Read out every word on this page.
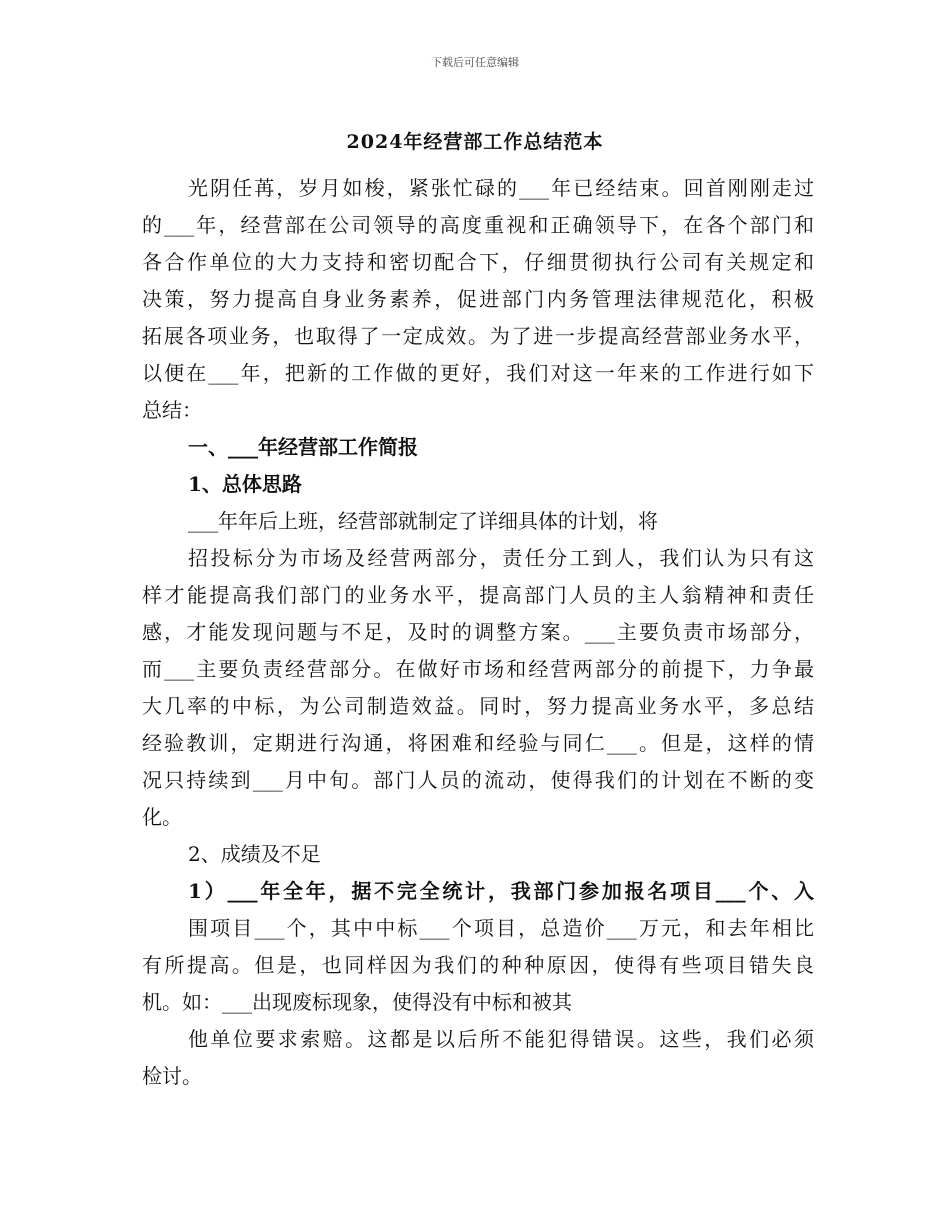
下载后可任意编辑
2024年经营部工作总结范本
光阴任苒，岁月如梭，紧张忙碌的___年已经结束。回首刚刚走过
的___年，经营部在公司领导的高度重视和正确领导下，在各个部门和
各合作单位的大力支持和密切配合下，仔细贯彻执行公司有关规定和
决策，努力提高自身业务素养，促进部门内务管理法律规范化，积极
拓展各项业务，也取得了一定成效。为了进一步提高经营部业务水平，
以便在___年，把新的工作做的更好，我们对这一年来的工作进行如下
总结：
一、___年经营部工作简报
1、总体思路
___年年后上班，经营部就制定了详细具体的计划，将
招投标分为市场及经营两部分，责任分工到人，我们认为只有这
样才能提高我们部门的业务水平，提高部门人员的主人翁精神和责任
感，才能发现问题与不足，及时的调整方案。___主要负责市场部分，
而___主要负责经营部分。在做好市场和经营两部分的前提下，力争最
大几率的中标，为公司制造效益。同时，努力提高业务水平，多总结
经验教训，定期进行沟通，将困难和经验与同仁___。但是，这样的情
况只持续到___月中旬。部门人员的流动，使得我们的计划在不断的变
化。
2、成绩及不足
1）___年全年，据不完全统计，我部门参加报名项目___个、入
围项目___个，其中中标___个项目，总造价___万元，和去年相比
有所提高。但是，也同样因为我们的种种原因，使得有些项目错失良
机。如：___出现废标现象，使得没有中标和被其
他单位要求索赔。这都是以后所不能犯得错误。这些，我们必须
检讨。
